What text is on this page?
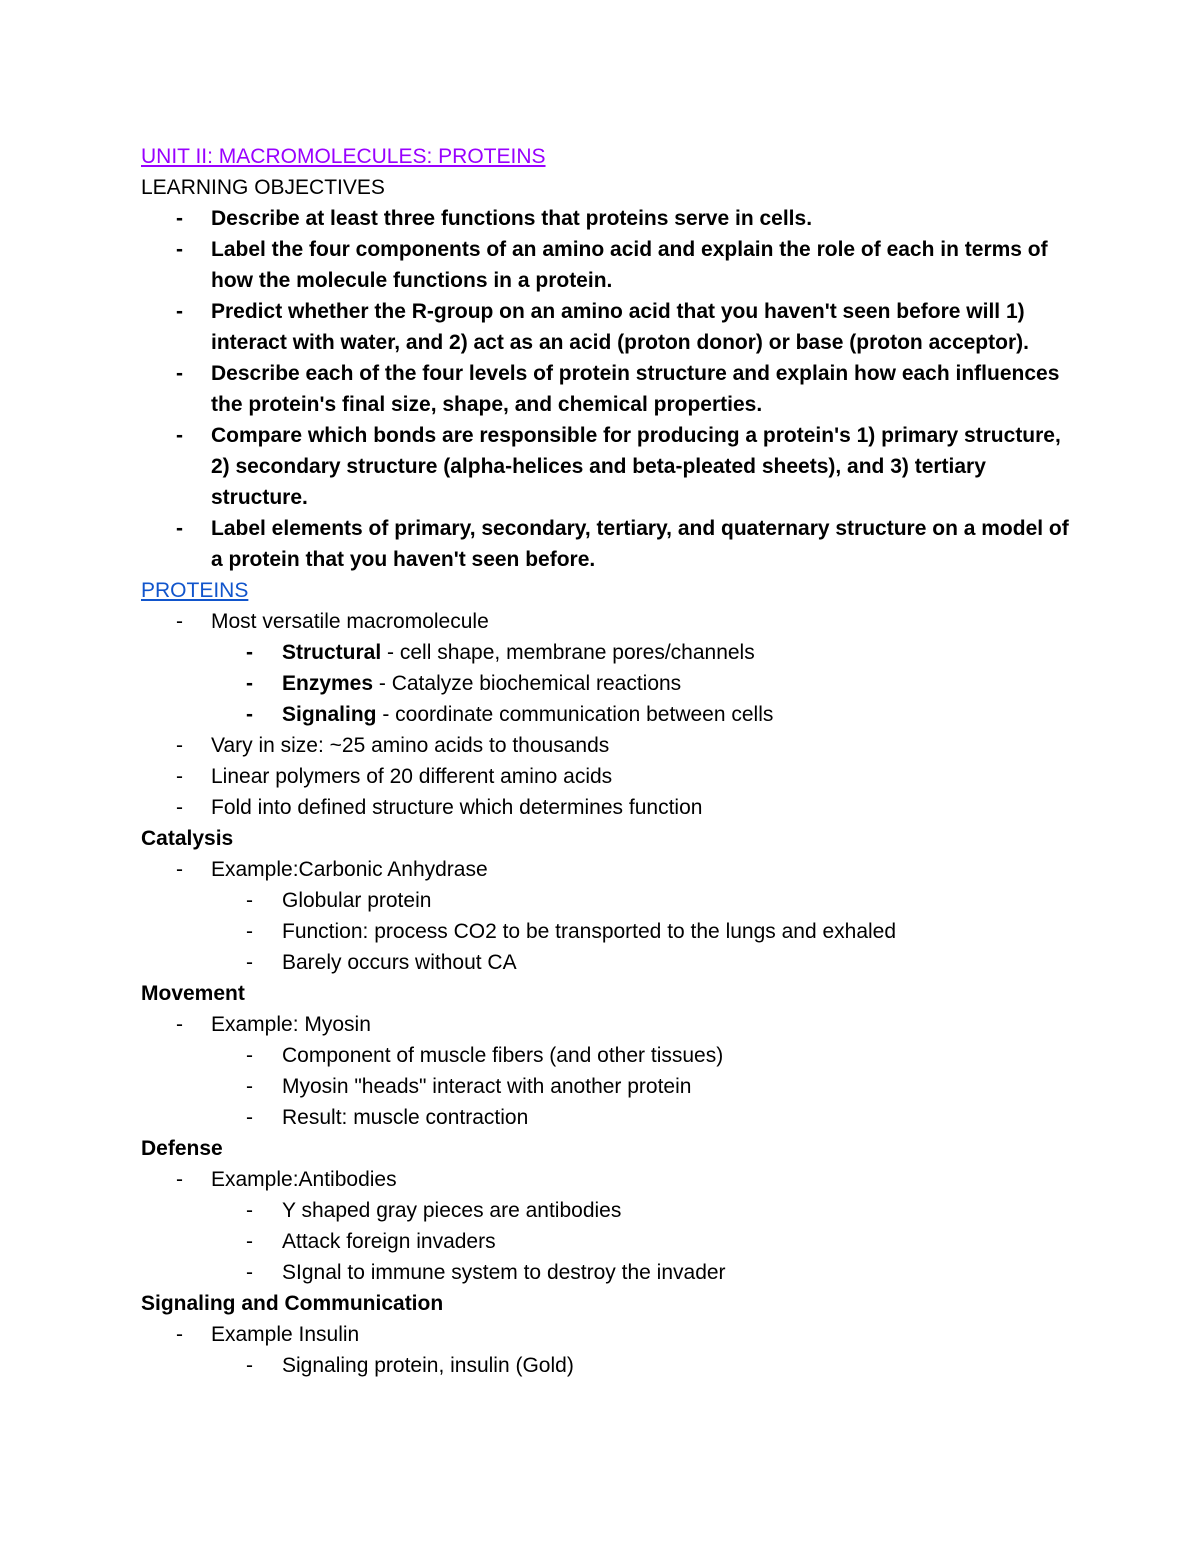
UNIT II: MACROMOLECULES: PROTEINS
LEARNING OBJECTIVES
- Describe at least three functions that proteins serve in cells.
- Label the four components of an amino acid and explain the role of each in terms of how the molecule functions in a protein.
- Predict whether the R-group on an amino acid that you haven't seen before will 1) interact with water, and 2) act as an acid (proton donor) or base (proton acceptor).
- Describe each of the four levels of protein structure and explain how each influences the protein's final size, shape, and chemical properties.
- Compare which bonds are responsible for producing a protein's 1) primary structure, 2) secondary structure (alpha-helices and beta-pleated sheets), and 3) tertiary structure.
- Label elements of primary, secondary, tertiary, and quaternary structure on a model of a protein that you haven't seen before.
PROTEINS
- Most versatile macromolecule
- Structural - cell shape, membrane pores/channels
- Enzymes - Catalyze biochemical reactions
- Signaling - coordinate communication between cells
- Vary in size: ~25 amino acids to thousands
- Linear polymers of 20 different amino acids
- Fold into defined structure which determines function
Catalysis
- Example:Carbonic Anhydrase
- Globular protein
- Function: process CO2 to be transported to the lungs and exhaled
- Barely occurs without CA
Movement
- Example: Myosin
- Component of muscle fibers (and other tissues)
- Myosin "heads" interact with another protein
- Result: muscle contraction
Defense
- Example:Antibodies
- Y shaped gray pieces are antibodies
- Attack foreign invaders
- SIgnal to immune system to destroy the invader
Signaling and Communication
- Example Insulin
- Signaling protein, insulin (Gold)
